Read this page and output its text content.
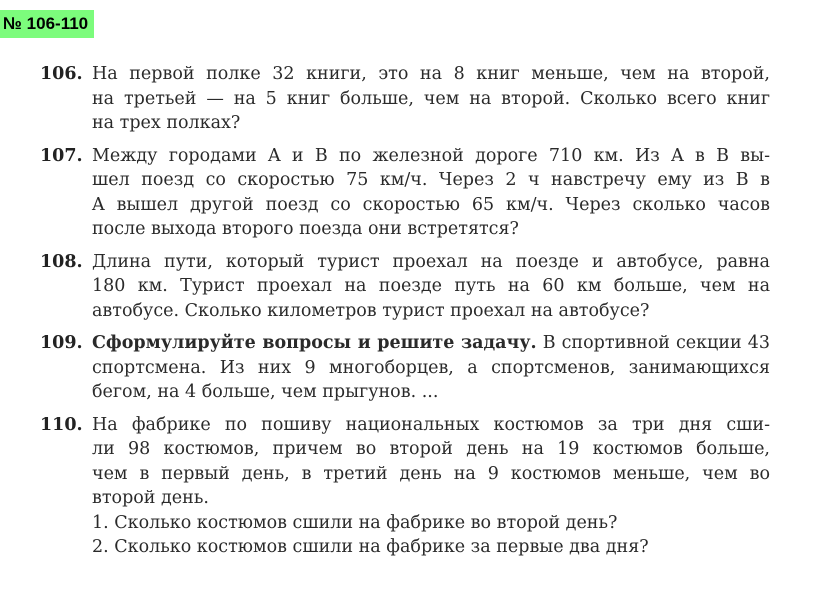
№ 106-110
106. На первой полке 32 книги, это на 8 книг меньше, чем на второй,
на третьей — на 5 книг больше, чем на второй. Сколько всего книг
на трех полках?
107. Между городами A и B по железной дороге 710 км. Из A в B вы-
шел поезд со скоростью 75 км/ч. Через 2 ч навстречу ему из B в
A вышел другой поезд со скоростью 65 км/ч. Через сколько часов
после выхода второго поезда они встретятся?
108. Длина пути, который турист проехал на поезде и автобусе, равна
180 км. Турист проехал на поезде путь на 60 км больше, чем на
автобусе. Сколько километров турист проехал на автобусе?
109. Сформулируйте вопросы и решите задачу. В спортивной секции 43
спортсмена. Из них 9 многоборцев, а спортсменов, занимающихся
бегом, на 4 больше, чем прыгунов. ...
110. На фабрике по пошиву национальных костюмов за три дня сши-
ли 98 костюмов, причем во второй день на 19 костюмов больше,
чем в первый день, в третий день на 9 костюмов меньше, чем во
второй день.
1. Сколько костюмов сшили на фабрике во второй день?
2. Сколько костюмов сшили на фабрике за первые два дня?
